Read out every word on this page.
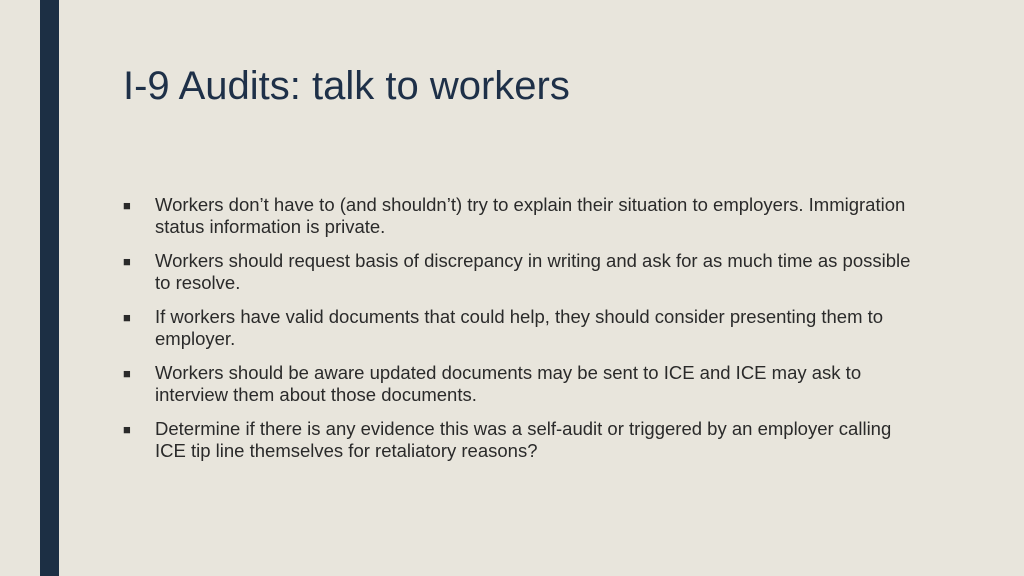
I-9 Audits: talk to workers
■	Workers don’t have to (and shouldn’t) try to explain their situation to employers. Immigration status information is private.
■	Workers should request basis of discrepancy in writing and ask for as much time as possible to resolve.
■	If workers have valid documents that could help, they should consider presenting them to employer.
■	Workers should be aware updated documents may be sent to ICE and ICE may ask to interview them about those documents.
■	Determine if there is any evidence this was a self-audit or triggered by an employer calling ICE tip line themselves for retaliatory reasons?
